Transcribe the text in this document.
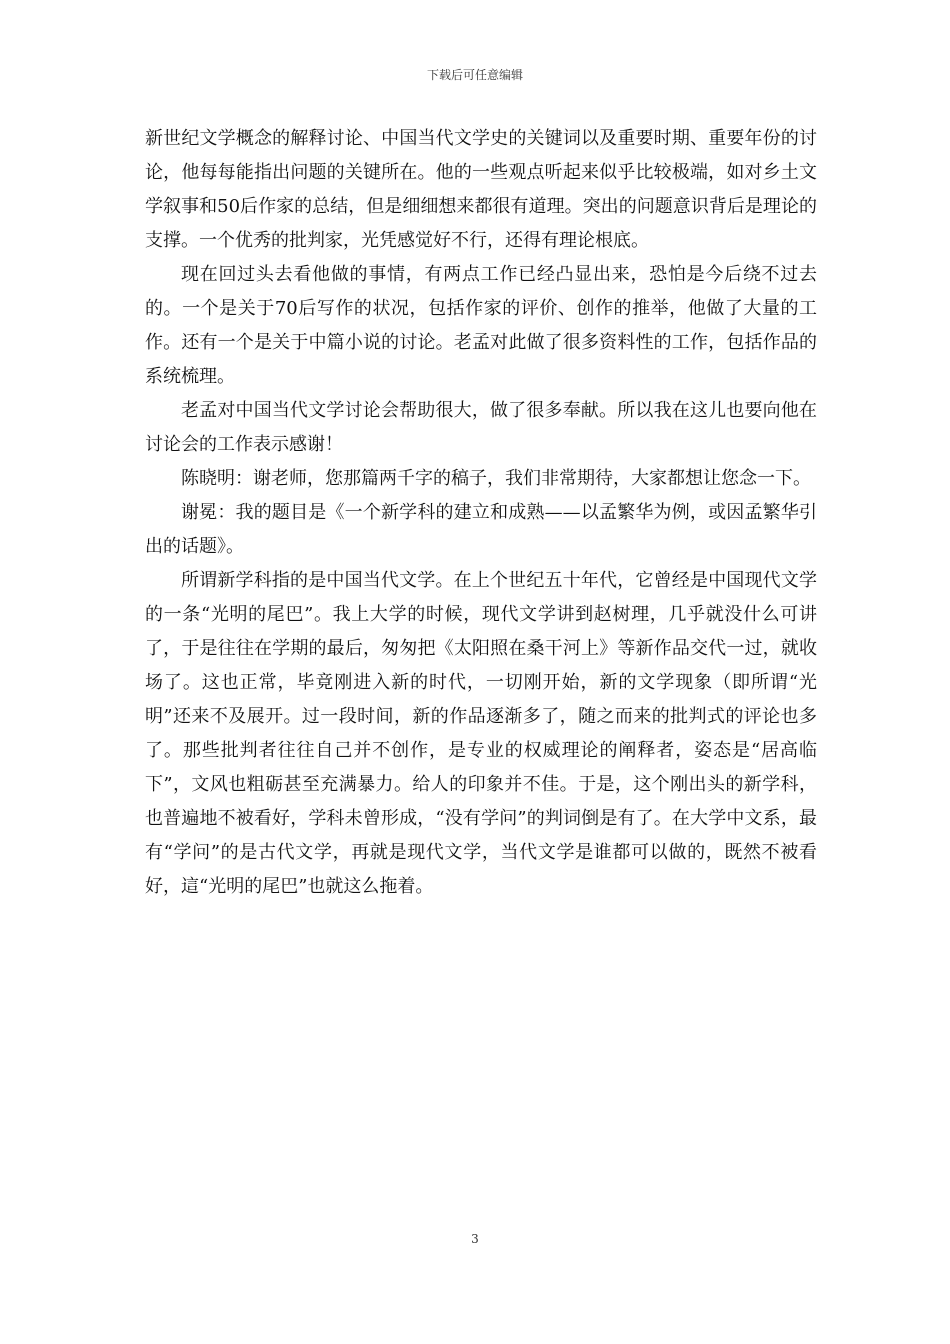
下载后可任意编辑

新世纪文学概念的解释讨论、中国当代文学史的关键词以及重要时期、重要年份的讨论，他每每能指出问题的关键所在。他的一些观点听起来似乎比较极端，如对乡土文学叙事和50后作家的总结，但是细细想来都很有道理。突出的问题意识背后是理论的支撑。一个优秀的批判家，光凭感觉好不行，还得有理论根底。

现在回过头去看他做的事情，有两点工作已经凸显出来，恐怕是今后绕不过去的。一个是关于70后写作的状况，包括作家的评价、创作的推举，他做了大量的工作。还有一个是关于中篇小说的讨论。老孟对此做了很多资料性的工作，包括作品的系统梳理。

老孟对中国当代文学讨论会帮助很大，做了很多奉献。所以我在这儿也要向他在讨论会的工作表示感谢！

陈晓明：谢老师，您那篇两千字的稿子，我们非常期待，大家都想让您念一下。

谢冕：我的题目是《一个新学科的建立和成熟——以孟繁华为例，或因孟繁华引出的话题》。

所谓新学科指的是中国当代文学。在上个世纪五十年代，它曾经是中国现代文学的一条“光明的尾巴”。我上大学的时候，现代文学讲到赵树理，几乎就没什么可讲了，于是往往在学期的最后，匆匆把《太阳照在桑干河上》等新作品交代一过，就收场了。这也正常，毕竟刚进入新的时代，一切刚开始，新的文学现象（即所谓“光明”还来不及展开。过一段时间，新的作品逐渐多了，随之而来的批判式的评论也多了。那些批判者往往自己并不创作，是专业的权威理论的阐释者，姿态是“居高临下”，文风也粗砺甚至充满暴力。给人的印象并不佳。于是，这个刚出头的新学科，也普遍地不被看好，学科未曾形成，“没有学问”的判词倒是有了。在大学中文系，最有“学问”的是古代文学，再就是现代文学，当代文学是谁都可以做的，既然不被看好，這“光明的尾巴”也就这么拖着。

3
